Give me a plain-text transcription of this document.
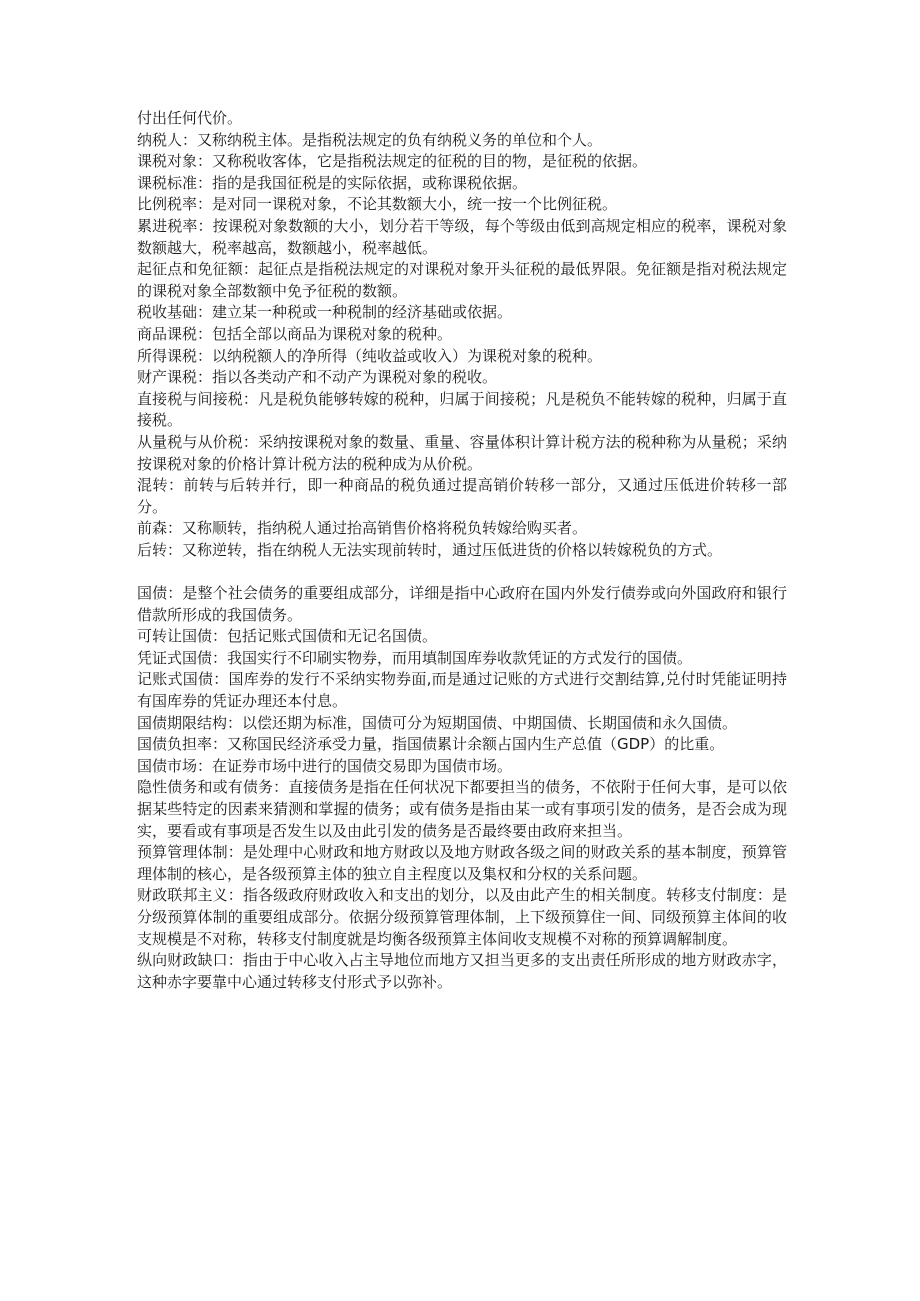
付出任何代价。

纳税人：又称纳税主体。是指税法规定的负有纳税义务的单位和个人。

课税对象：又称税收客体，它是指税法规定的征税的目的物，是征税的依据。

课税标准：指的是我国征税是的实际依据，或称课税依据。

比例税率：是对同一课税对象，不论其数额大小，统一按一个比例征税。

累进税率：按课税对象数额的大小，划分若干等级，每个等级由低到高规定相应的税率，课税对象数额越大，税率越高，数额越小，税率越低。

起征点和免征额：起征点是指税法规定的对课税对象开头征税的最低界限。免征额是指对税法规定的课税对象全部数额中免予征税的数额。

税收基础：建立某一种税或一种税制的经济基础或依据。

商品课税：包括全部以商品为课税对象的税种。

所得课税：以纳税额人的净所得（纯收益或收入）为课税对象的税种。

财产课税：指以各类动产和不动产为课税对象的税收。

直接税与间接税：凡是税负能够转嫁的税种，归属于间接税；凡是税负不能转嫁的税种，归属于直接税。

从量税与从价税：采纳按课税对象的数量、重量、容量体积计算计税方法的税种称为从量税；采纳按课税对象的价格计算计税方法的税种成为从价税。

混转：前转与后转并行，即一种商品的税负通过提高销价转移一部分，又通过压低进价转移一部分。

前森：又称顺转，指纳税人通过抬高销售价格将税负转嫁给购买者。

后转：又称逆转，指在纳税人无法实现前转时，通过压低进货的价格以转嫁税负的方式。

国债：是整个社会债务的重要组成部分，详细是指中心政府在国内外发行债券或向外国政府和银行借款所形成的我国债务。

可转让国债：包括记账式国债和无记名国债。

凭证式国债：我国实行不印刷实物券，而用填制国库券收款凭证的方式发行的国债。

记账式国债：国库券的发行不采纳实物券面,而是通过记账的方式进行交割结算,兑付时凭能证明持有国库券的凭证办理还本付息。

国债期限结构：以偿还期为标准，国债可分为短期国债、中期国债、长期国债和永久国债。

国债负担率：又称国民经济承受力量，指国债累计余额占国内生产总值（GDP）的比重。

国债市场：在证券市场中进行的国债交易即为国债市场。

隐性债务和或有债务：直接债务是指在任何状况下都要担当的债务，不依附于任何大事，是可以依据某些特定的因素来猜测和掌握的债务；或有债务是指由某一或有事项引发的债务，是否会成为现实，要看或有事项是否发生以及由此引发的债务是否最终要由政府来担当。

预算管理体制：是处理中心财政和地方财政以及地方财政各级之间的财政关系的基本制度，预算管理体制的核心，是各级预算主体的独立自主程度以及集权和分权的关系问题。

财政联邦主义：指各级政府财政收入和支出的划分，以及由此产生的相关制度。转移支付制度：是分级预算体制的重要组成部分。依据分级预算管理体制，上下级预算住一间、同级预算主体间的收支规模是不对称，转移支付制度就是均衡各级预算主体间收支规模不对称的预算调解制度。

纵向财政缺口：指由于中心收入占主导地位而地方又担当更多的支出责任所形成的地方财政赤字，这种赤字要靠中心通过转移支付形式予以弥补。
